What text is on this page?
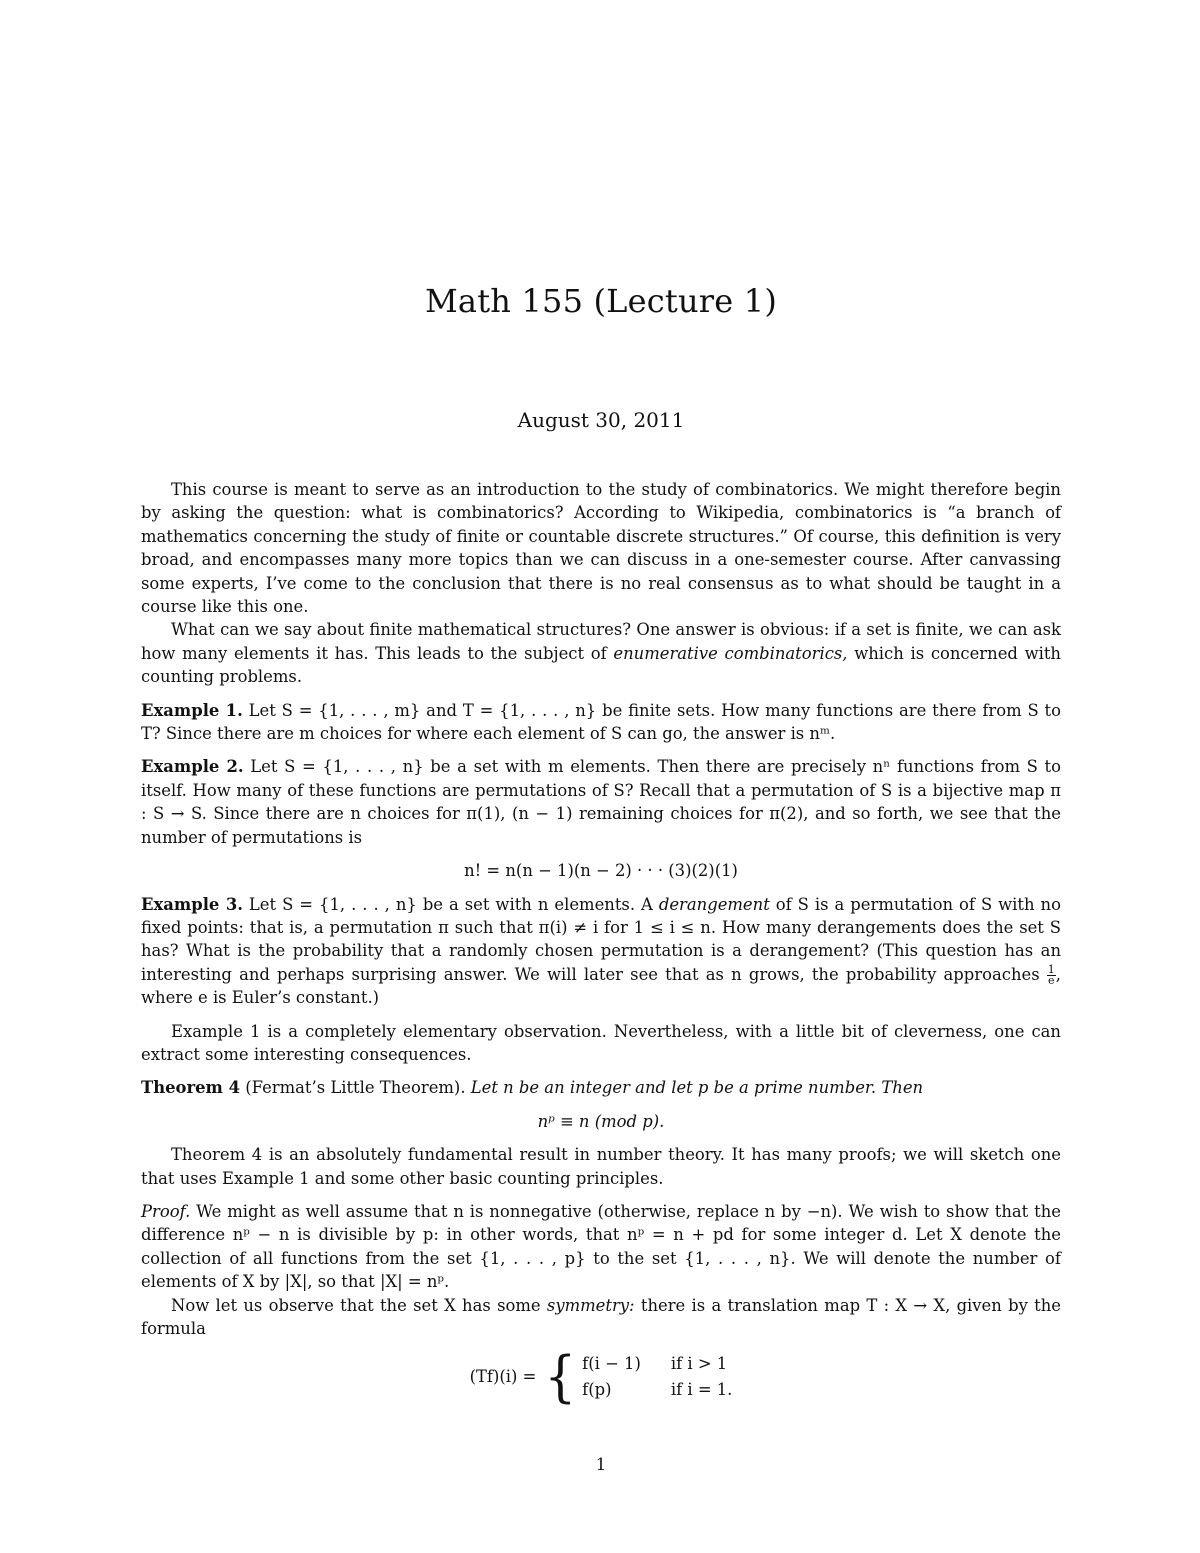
Math 155 (Lecture 1)
August 30, 2011

This course is meant to serve as an introduction to the study of combinatorics. We might therefore begin by asking the question: what is combinatorics? According to Wikipedia, combinatorics is “a branch of mathematics concerning the study of finite or countable discrete structures.” Of course, this definition is very broad, and encompasses many more topics than we can discuss in a one-semester course. After canvassing some experts, I’ve come to the conclusion that there is no real consensus as to what should be taught in a course like this one.

What can we say about finite mathematical structures? One answer is obvious: if a set is finite, we can ask how many elements it has. This leads to the subject of enumerative combinatorics, which is concerned with counting problems.

Example 1. Let S = {1, . . . , m} and T = {1, . . . , n} be finite sets. How many functions are there from S to T? Since there are m choices for where each element of S can go, the answer is nᵐ.

Example 2. Let S = {1, . . . , n} be a set with m elements. Then there are precisely nⁿ functions from S to itself. How many of these functions are permutations of S? Recall that a permutation of S is a bijective map π : S → S. Since there are n choices for π(1), (n − 1) remaining choices for π(2), and so forth, we see that the number of permutations is

n! = n(n − 1)(n − 2) · · · (3)(2)(1)

Example 3. Let S = {1, . . . , n} be a set with n elements. A derangement of S is a permutation of S with no fixed points: that is, a permutation π such that π(i) ≠ i for 1 ≤ i ≤ n. How many derangements does the set S has? What is the probability that a randomly chosen permutation is a derangement? (This question has an interesting and perhaps surprising answer. We will later see that as n grows, the probability approaches $\frac{1}{e}$ , where e is Euler’s constant.)

Example 1 is a completely elementary observation. Nevertheless, with a little bit of cleverness, one can extract some interesting consequences.

Theorem 4 (Fermat’s Little Theorem). Let n be an integer and let p be a prime number. Then

nᵖ ≡ n (mod p).

Theorem 4 is an absolutely fundamental result in number theory. It has many proofs; we will sketch one that uses Example 1 and some other basic counting principles.

Proof. We might as well assume that n is nonnegative (otherwise, replace n by −n). We wish to show that the difference nᵖ − n is divisible by p: in other words, that nᵖ = n + pd for some integer d. Let X denote the collection of all functions from the set {1, . . . , p} to the set {1, . . . , n}. We will denote the number of elements of X by |X|, so that |X| = nᵖ.

Now let us observe that the set X has some symmetry: there is a translation map T : X → X, given by the formula

(Tf)(i) = { f(i − 1) if i > 1
f(p)	if i = 1.
1
